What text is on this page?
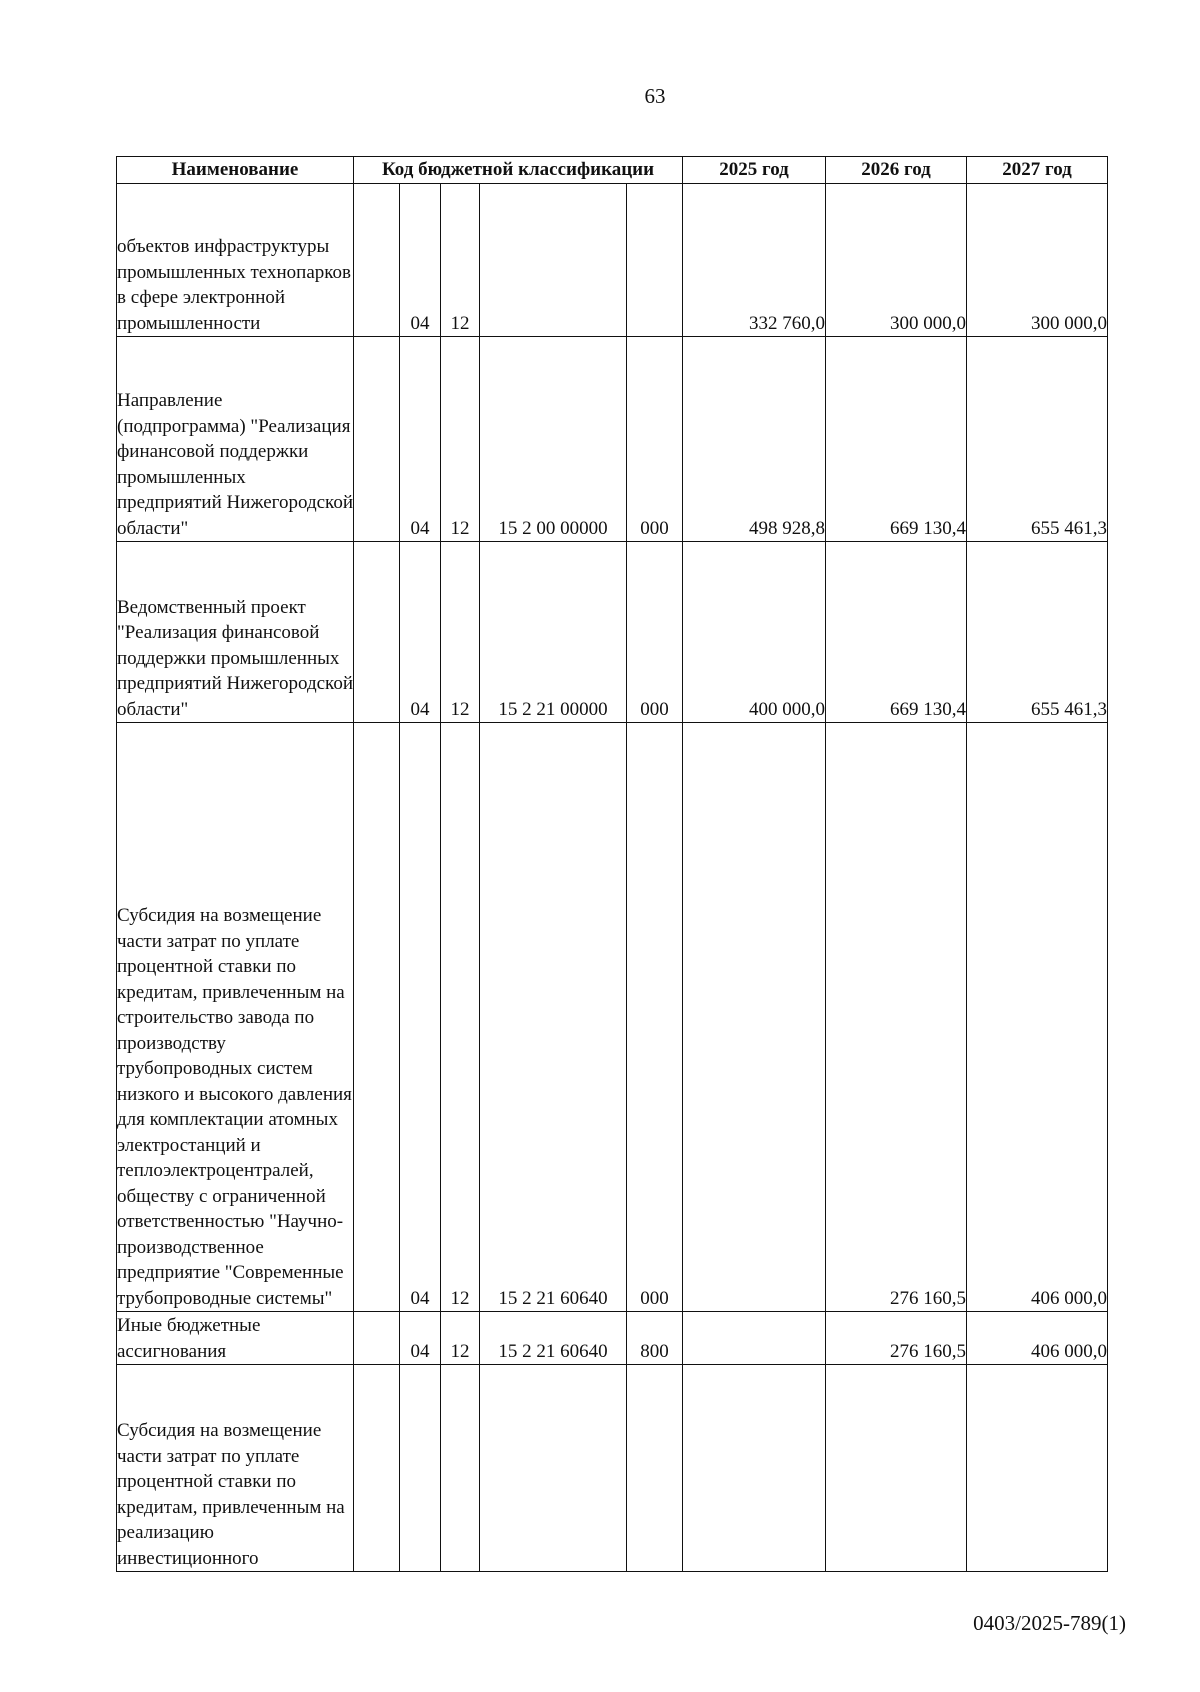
63
Наименование	Код бюджетной классификации					2025 год	2026 год	2027 год
объектов инфраструктуры промышленных технопарков в сфере электронной промышленности		04	12			332 760,0	300 000,0	300 000,0
Направление (подпрограмма) "Реализация финансовой поддержки промышленных предприятий Нижегородской области"		04	12	15 2 00 00000	000	498 928,8	669 130,4	655 461,3
Ведомственный проект "Реализация финансовой поддержки промышленных предприятий Нижегородской области"		04	12	15 2 21 00000	000	400 000,0	669 130,4	655 461,3
Субсидия на возмещение части затрат по уплате процентной ставки по кредитам, привлеченным на строительство завода по производству трубопроводных систем низкого и высокого давления для комплектации атомных электростанций и теплоэлектроцентралей, обществу с ограниченной ответственностью "Научно-производственное предприятие "Современные трубопроводные системы"		04	12	15 2 21 60640	000		276 160,5	406 000,0
Иные бюджетные ассигнования		04	12	15 2 21 60640	800		276 160,5	406 000,0
Субсидия на возмещение части затрат по уплате процентной ставки по кредитам, привлеченным на реализацию инвестиционного								
0403/2025-789(1)
